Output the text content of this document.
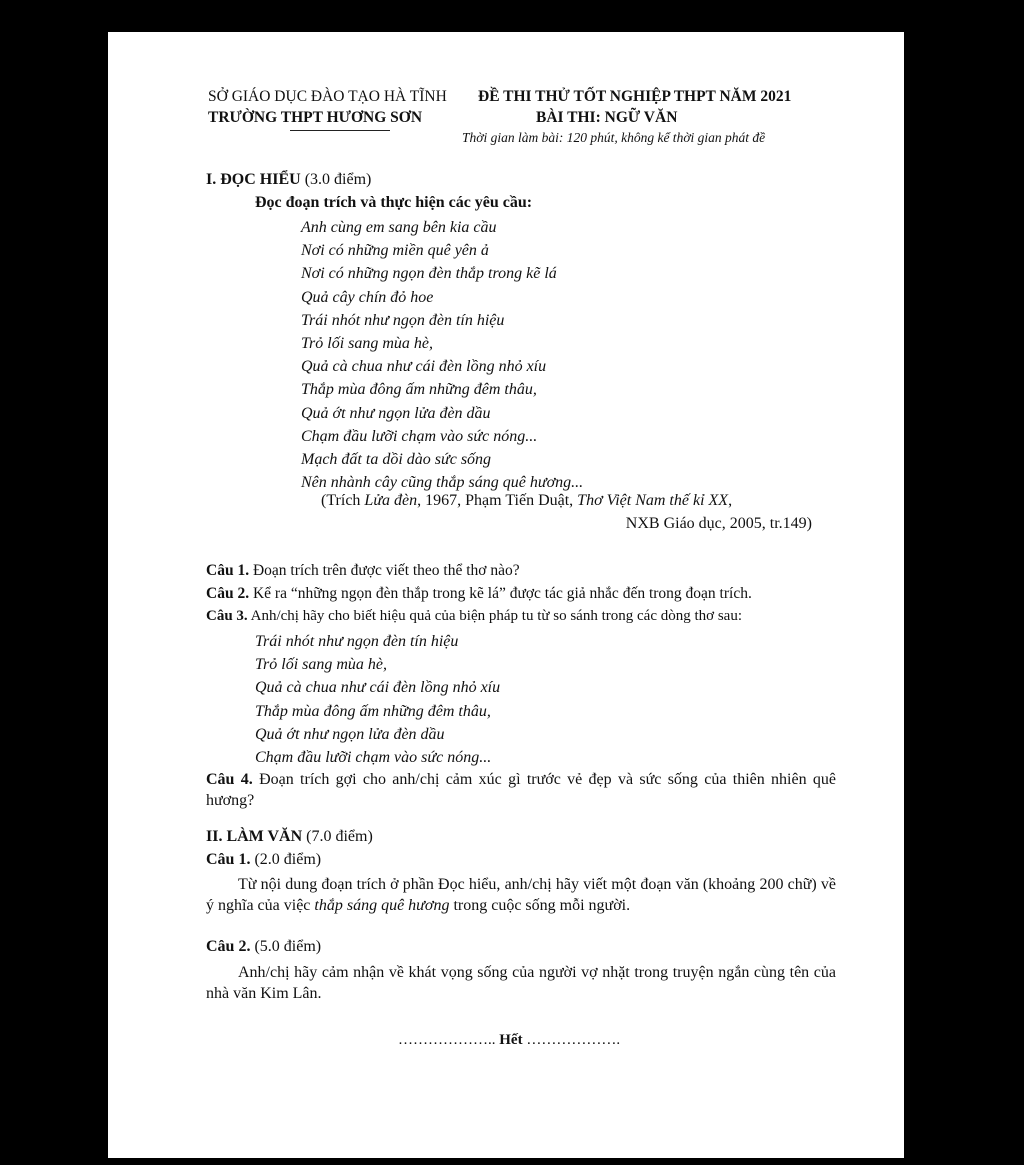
SỞ GIÁO DỤC ĐÀO TẠO HÀ TĨNH
TRƯỜNG THPT HƯƠNG SƠN
ĐỀ THI THỬ TỐT NGHIỆP THPT NĂM 2021
BÀI THI: NGỮ VĂN
Thời gian làm bài: 120 phút, không kể thời gian phát đề
I. ĐỌC HIỂU (3.0 điểm)
Đọc đoạn trích và thực hiện các yêu cầu:
Anh cùng em sang bên kia cầu
Nơi có những miền quê yên ả
Nơi có những ngọn đèn thắp trong kẽ lá
Quả cây chín đỏ hoe
Trái nhót như ngọn đèn tín hiệu
Trỏ lối sang mùa hè,
Quả cà chua như cái đèn lồng nhỏ xíu
Thắp mùa đông ấm những đêm thâu,
Quả ớt như ngọn lửa đèn dầu
Chạm đầu lưỡi chạm vào sức nóng...
Mạch đất ta dồi dào sức sống
Nên nhành cây cũng thắp sáng quê hương...
(Trích Lửa đèn, 1967, Phạm Tiến Duật, Thơ Việt Nam thế kỉ XX,
NXB Giáo dục, 2005, tr.149)
Câu 1. Đoạn trích trên được viết theo thể thơ nào?
Câu 2. Kể ra “những ngọn đèn thắp trong kẽ lá” được tác giả nhắc đến trong đoạn trích.
Câu 3. Anh/chị hãy cho biết hiệu quả của biện pháp tu từ so sánh trong các dòng thơ sau:
Trái nhót như ngọn đèn tín hiệu
Trỏ lối sang mùa hè,
Quả cà chua như cái đèn lồng nhỏ xíu
Thắp mùa đông ấm những đêm thâu,
Quả ớt như ngọn lửa đèn dầu
Chạm đầu lưỡi chạm vào sức nóng...
Câu 4. Đoạn trích gợi cho anh/chị cảm xúc gì trước vẻ đẹp và sức sống của thiên nhiên quê hương?
II. LÀM VĂN (7.0 điểm)
Câu 1. (2.0 điểm)
Từ nội dung đoạn trích ở phần Đọc hiểu, anh/chị hãy viết một đoạn văn (khoảng 200 chữ) về ý nghĩa của việc thắp sáng quê hương trong cuộc sống mỗi người.
Câu 2. (5.0 điểm)
Anh/chị hãy cảm nhận về khát vọng sống của người vợ nhặt trong truyện ngắn cùng tên của nhà văn Kim Lân.
……………….. Hết ……………….
